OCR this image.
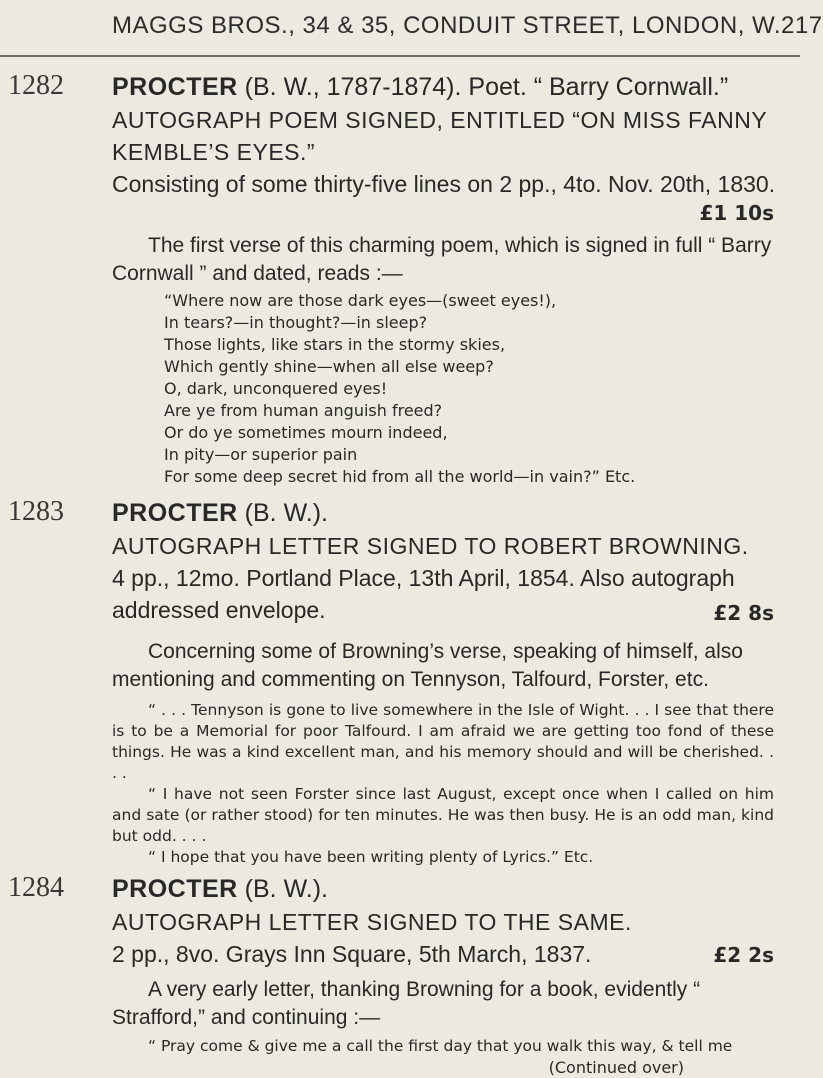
MAGGS BROS., 34 & 35, CONDUIT STREET, LONDON, W. 217
1282 PROCTER (B. W., 1787-1874). Poet. “ Barry Cornwall.”

AUTOGRAPH POEM SIGNED, ENTITLED “ON MISS FANNY KEMBLE’S EYES.”

Consisting of some thirty-five lines on 2 pp., 4to. Nov. 20th, 1830.

£1 10s

The first verse of this charming poem, which is signed in full “ Barry Cornwall ” and dated, reads :—

“Where now are those dark eyes—(sweet eyes!),

In tears?—in thought?—in sleep?

Those lights, like stars in the stormy skies,

Which gently shine—when all else weep?

O, dark, unconquered eyes!

Are ye from human anguish freed?

Or do ye sometimes mourn indeed,

In pity—or superior pain

For some deep secret hid from all the world—in vain?” Etc.

1283 PROCTER (B. W.).

AUTOGRAPH LETTER SIGNED TO ROBERT BROWNING.

4 pp., 12mo. Portland Place, 13th April, 1854. Also autograph addressed envelope.	£2 8s

Concerning some of Browning’s verse, speaking of himself, also mentioning and commenting on Tennyson, Talfourd, Forster, etc.

“ . . . Tennyson is gone to live somewhere in the Isle of Wight. . . I see that there is to be a Memorial for poor Talfourd. I am afraid we are getting too fond of these things. He was a kind excellent man, and his memory should and will be cherished. . . .

“ I have not seen Forster since last August, except once when I called on him and sate (or rather stood) for ten minutes. He was then busy. He is an odd man, kind but odd. . . .

“ I hope that you have been writing plenty of Lyrics.” Etc.

1284 PROCTER (B. W.).

AUTOGRAPH LETTER SIGNED TO THE SAME.

2 pp., 8vo. Grays Inn Square, 5th March, 1837.	£2 2s

A very early letter, thanking Browning for a book, evidently “ Strafford,” and continuing :—

“ Pray come & give me a call the first day that you walk this way, & tell me

(Continued over)
